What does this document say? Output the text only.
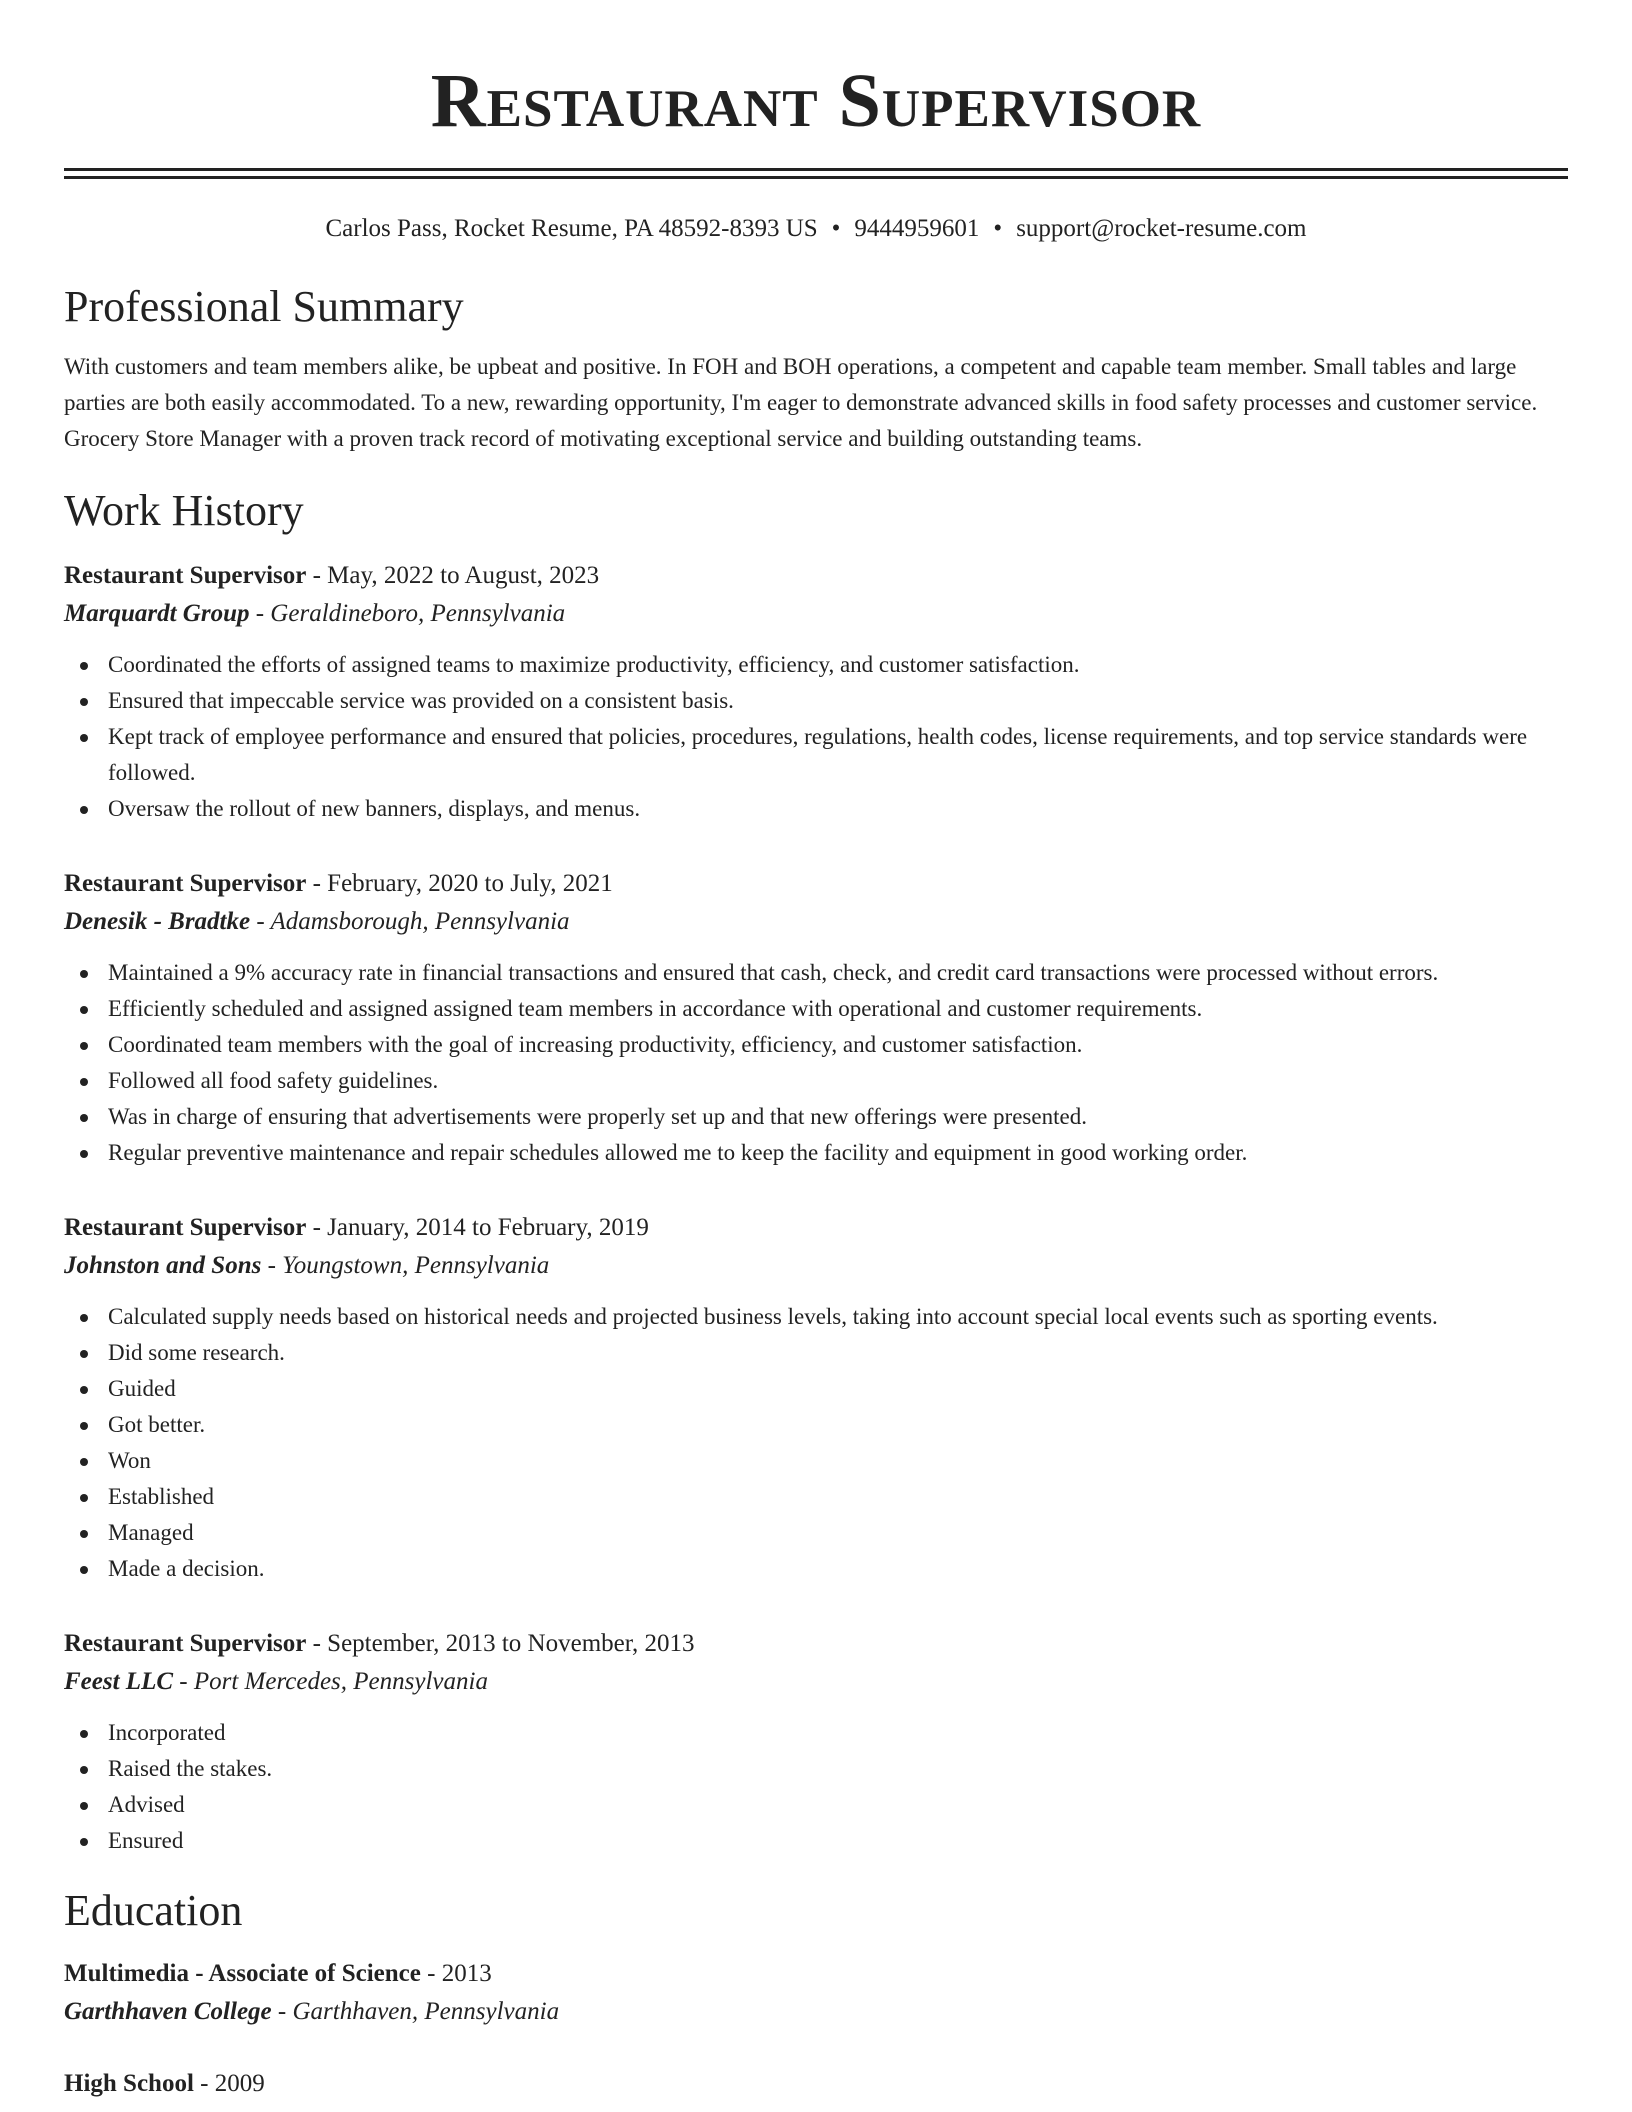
Restaurant Supervisor
Carlos Pass, Rocket Resume, PA 48592-8393 US • 9444959601 • support@rocket-resume.com
Professional Summary

With customers and team members alike, be upbeat and positive. In FOH and BOH operations, a competent and capable team member. Small tables and large parties are both easily accommodated. To a new, rewarding opportunity, I'm eager to demonstrate advanced skills in food safety processes and customer service. Grocery Store Manager with a proven track record of motivating exceptional service and building outstanding teams.

Work History
Restaurant Supervisor - May, 2022 to August, 2023
Marquardt Group - Geraldineboro, Pennsylvania
Coordinated the efforts of assigned teams to maximize productivity, efficiency, and customer satisfaction.
Ensured that impeccable service was provided on a consistent basis.
Kept track of employee performance and ensured that policies, procedures, regulations, health codes, license requirements, and top service standards were followed.
Oversaw the rollout of new banners, displays, and menus.
Restaurant Supervisor - February, 2020 to July, 2021
Denesik - Bradtke - Adamsborough, Pennsylvania
Maintained a 9% accuracy rate in financial transactions and ensured that cash, check, and credit card transactions were processed without errors.
Efficiently scheduled and assigned assigned team members in accordance with operational and customer requirements.
Coordinated team members with the goal of increasing productivity, efficiency, and customer satisfaction.
Followed all food safety guidelines.
Was in charge of ensuring that advertisements were properly set up and that new offerings were presented.
Regular preventive maintenance and repair schedules allowed me to keep the facility and equipment in good working order.
Restaurant Supervisor - January, 2014 to February, 2019
Johnston and Sons - Youngstown, Pennsylvania
Calculated supply needs based on historical needs and projected business levels, taking into account special local events such as sporting events.
Did some research.
Guided
Got better.
Won
Established
Managed
Made a decision.
Restaurant Supervisor - September, 2013 to November, 2013
Feest LLC - Port Mercedes, Pennsylvania
Incorporated
Raised the stakes.
Advised
Ensured
Education
Multimedia - Associate of Science - 2013
Garthhaven College - Garthhaven, Pennsylvania
High School - 2009
